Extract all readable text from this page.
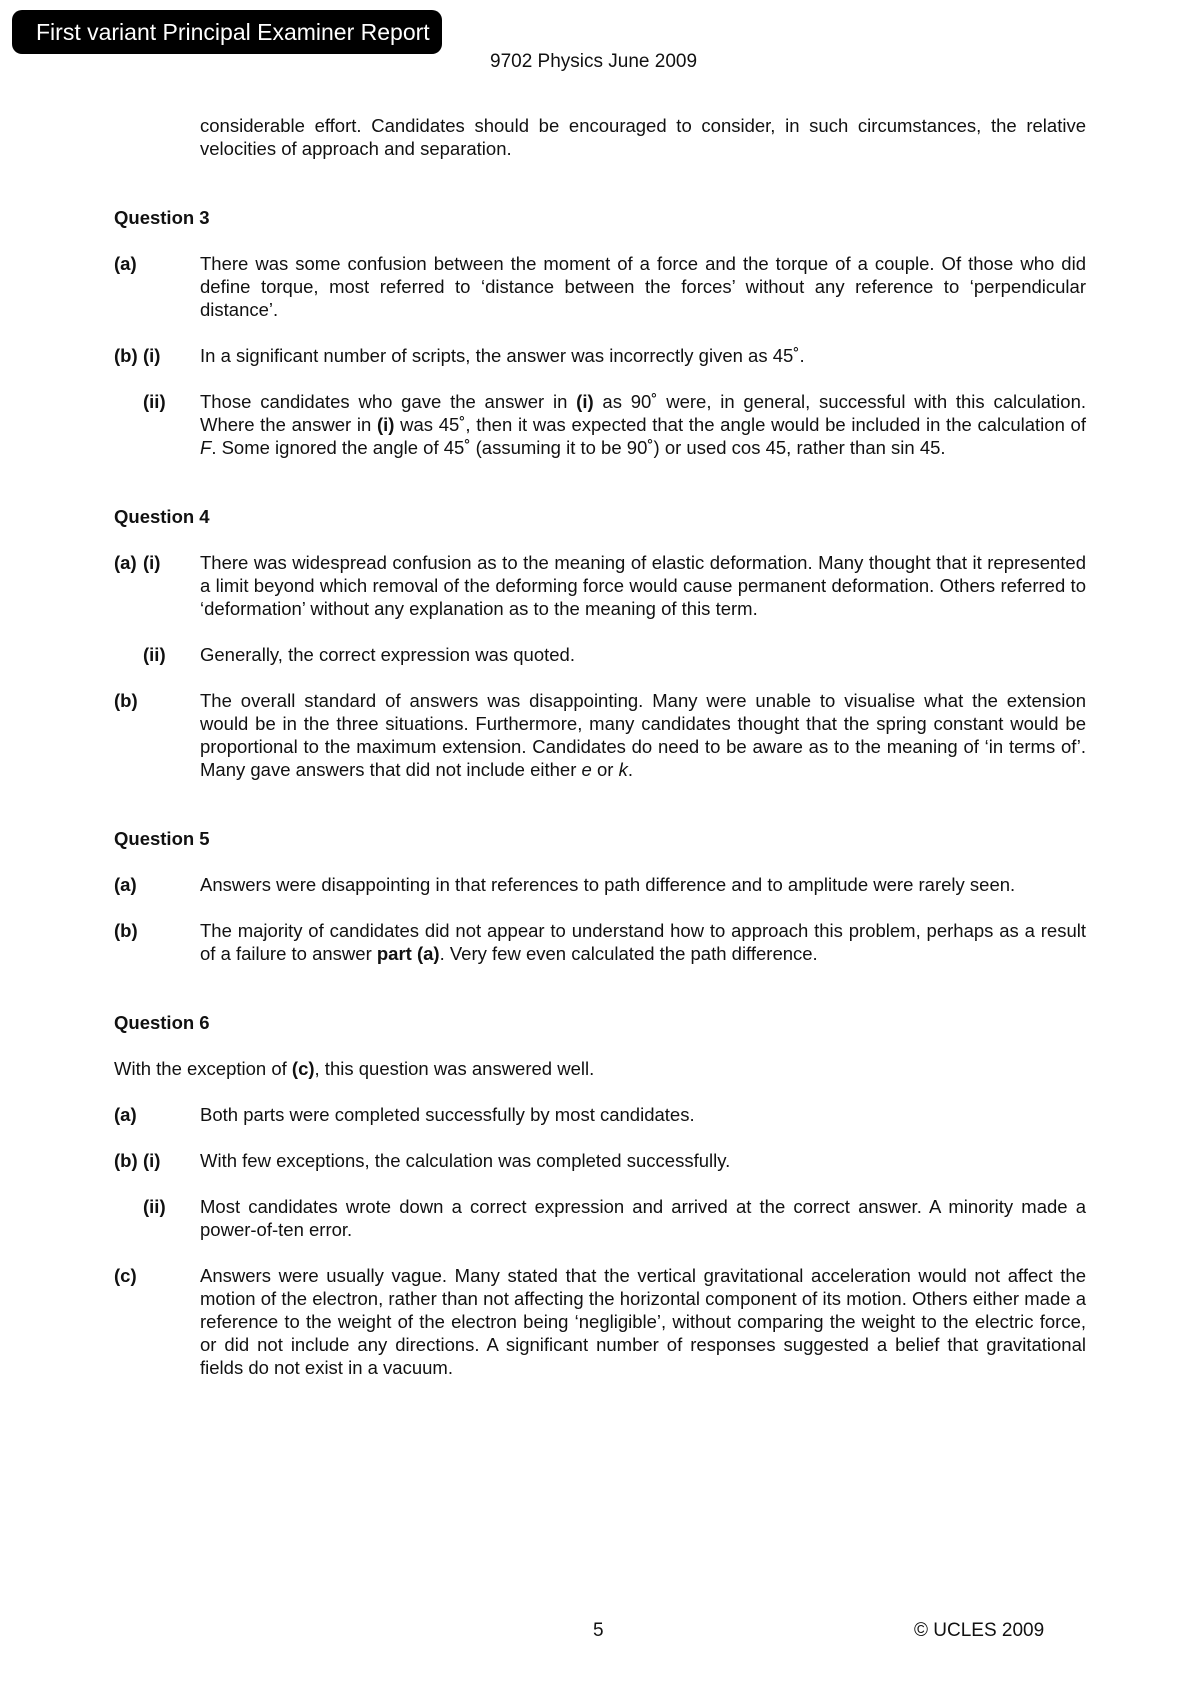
First variant Principal Examiner Report
9702 Physics June 2009
considerable effort. Candidates should be encouraged to consider, in such circumstances, the relative velocities of approach and separation.
Question 3
(a)	There was some confusion between the moment of a force and the torque of a couple. Of those who did define torque, most referred to ‘distance between the forces’ without any reference to ‘perpendicular distance’.
(b) (i) In a significant number of scripts, the answer was incorrectly given as 45˚.
(ii) Those candidates who gave the answer in (i) as 90˚ were, in general, successful with this calculation. Where the answer in (i) was 45˚, then it was expected that the angle would be included in the calculation of F. Some ignored the angle of 45˚ (assuming it to be 90˚) or used cos 45, rather than sin 45.
Question 4
(a) (i) There was widespread confusion as to the meaning of elastic deformation. Many thought that it represented a limit beyond which removal of the deforming force would cause permanent deformation. Others referred to ‘deformation’ without any explanation as to the meaning of this term.
(ii) Generally, the correct expression was quoted.
(b)	The overall standard of answers was disappointing. Many were unable to visualise what the extension would be in the three situations. Furthermore, many candidates thought that the spring constant would be proportional to the maximum extension. Candidates do need to be aware as to the meaning of ‘in terms of’. Many gave answers that did not include either e or k.
Question 5
(a)	Answers were disappointing in that references to path difference and to amplitude were rarely seen.
(b)	The majority of candidates did not appear to understand how to approach this problem, perhaps as a result of a failure to answer part (a). Very few even calculated the path difference.
Question 6
With the exception of (c), this question was answered well.
(a)	Both parts were completed successfully by most candidates.
(b) (i) With few exceptions, the calculation was completed successfully.
(ii) Most candidates wrote down a correct expression and arrived at the correct answer. A minority made a power-of-ten error.
(c)	Answers were usually vague. Many stated that the vertical gravitational acceleration would not affect the motion of the electron, rather than not affecting the horizontal component of its motion. Others either made a reference to the weight of the electron being ‘negligible’, without comparing the weight to the electric force, or did not include any directions. A significant number of responses suggested a belief that gravitational fields do not exist in a vacuum.
5	© UCLES 2009
